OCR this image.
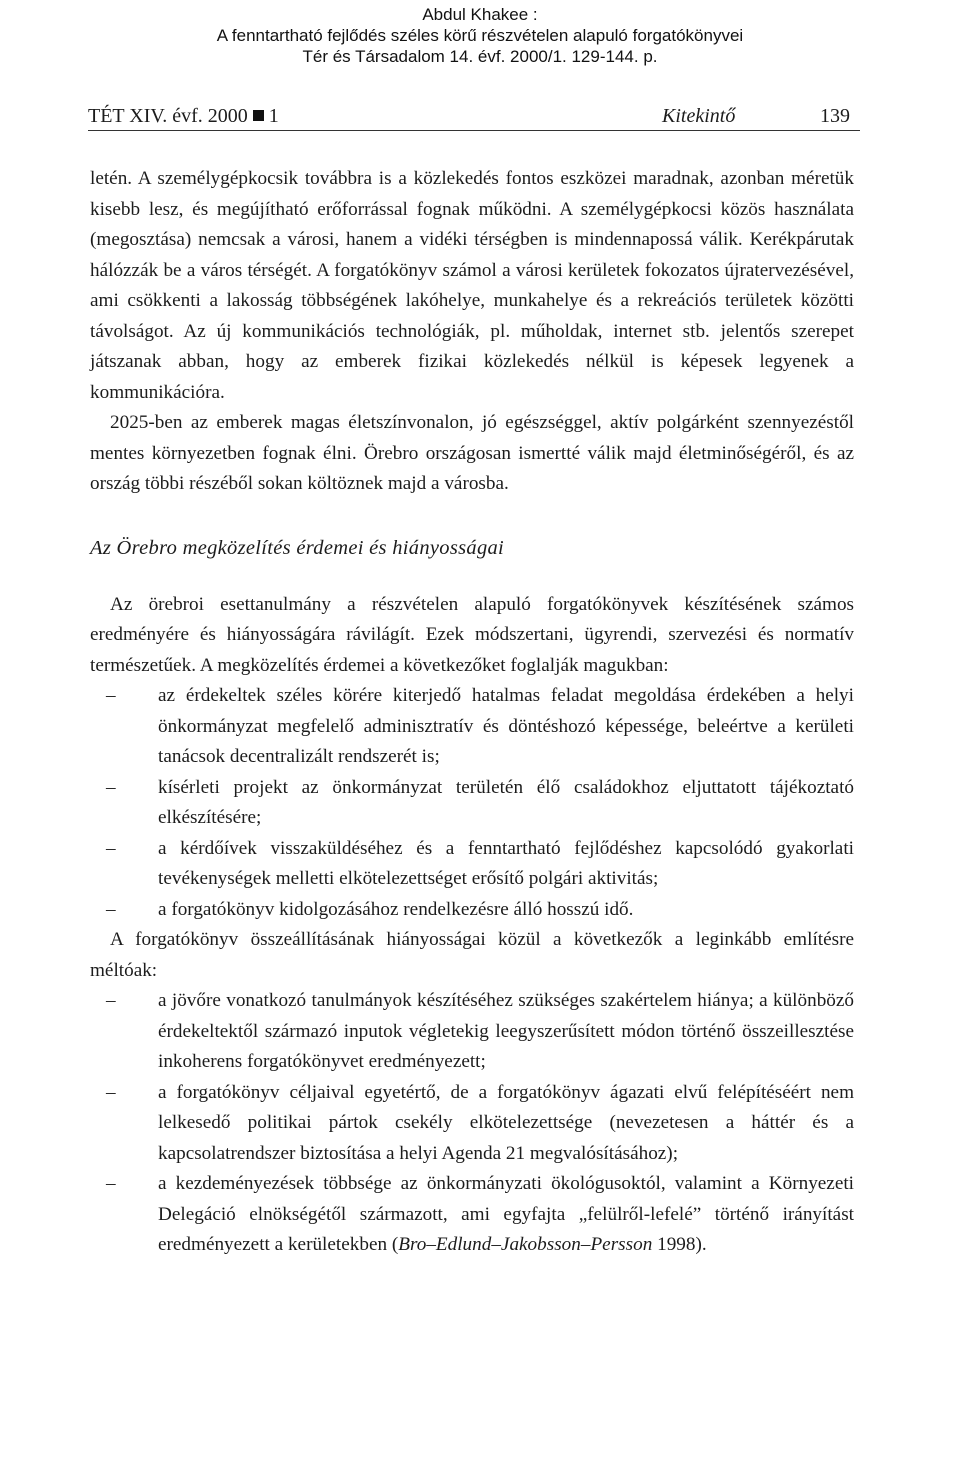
Abdul Khakee :
A fenntartható fejlődés széles körű részvételen alapuló forgatókönyvei
Tér és Társadalom 14. évf. 2000/1. 129-144. p.
TÉT XIV. évf. 2000 1	Kitekintő	139

letén. A személygépkocsik továbbra is a közlekedés fontos eszközei maradnak, azonban méretük kisebb lesz, és megújítható erőforrással fognak működni. A személygépkocsi közös használata (megosztása) nemcsak a városi, hanem a vidéki térségben is mindennapossá válik. Kerékpárutak hálózzák be a város térségét. A forgatókönyv számol a városi kerületek fokozatos újratervezésével, ami csökkenti a lakosság többségének lakóhelye, munkahelye és a rekreációs területek közötti távolságot. Az új kommunikációs technológiák, pl. műholdak, internet stb. jelentős szerepet játszanak abban, hogy az emberek fizikai közlekedés nélkül is képesek legyenek a kommunikációra.

2025-ben az emberek magas életszínvonalon, jó egészséggel, aktív polgárként szennyezéstől mentes környezetben fognak élni. Örebro országosan ismertté válik majd életminőségéről, és az ország többi részéből sokan költöznek majd a városba.

Az Örebro megközelítés érdemei és hiányosságai

Az örebroi esettanulmány a részvételen alapuló forgatókönyvek készítésének számos eredményére és hiányosságára rávilágít. Ezek módszertani, ügyrendi, szervezési és normatív természetűek. A megközelítés érdemei a következőket foglalják magukban:

– az érdekeltek széles körére kiterjedő hatalmas feladat megoldása érdekében a helyi önkormányzat megfelelő adminisztratív és döntéshozó képessége, beleértve a kerületi tanácsok decentralizált rendszerét is;
– kísérleti projekt az önkormányzat területén élő családokhoz eljuttatott tájékoztató elkészítésére;
– a kérdőívek visszaküldéséhez és a fenntartható fejlődéshez kapcsolódó gyakorlati tevékenységek melletti elkötelezettséget erősítő polgári aktivitás;
– a forgatókönyv kidolgozásához rendelkezésre álló hosszú idő.

A forgatókönyv összeállításának hiányosságai közül a következők a leginkább említésre méltóak:

– a jövőre vonatkozó tanulmányok készítéséhez szükséges szakértelem hiánya; a különböző érdekeltektől származó inputok végletekig leegyszerűsített módon történő összeillesztése inkoherens forgatókönyvet eredményezett;
– a forgatókönyv céljaival egyetértő, de a forgatókönyv ágazati elvű felépítéséért nem lelkesedő politikai pártok csekély elkötelezettsége (nevezetesen a háttér és a kapcsolatrendszer biztosítása a helyi Agenda 21 megvalósításához);
– a kezdeményezések többsége az önkormányzati ökológusoktól, valamint a Környezeti Delegáció elnökségétől származott, ami egyfajta „felülről-lefelé” történő irányítást eredményezett a kerületekben (Bro–Edlund–Jakobsson–Persson 1998).
